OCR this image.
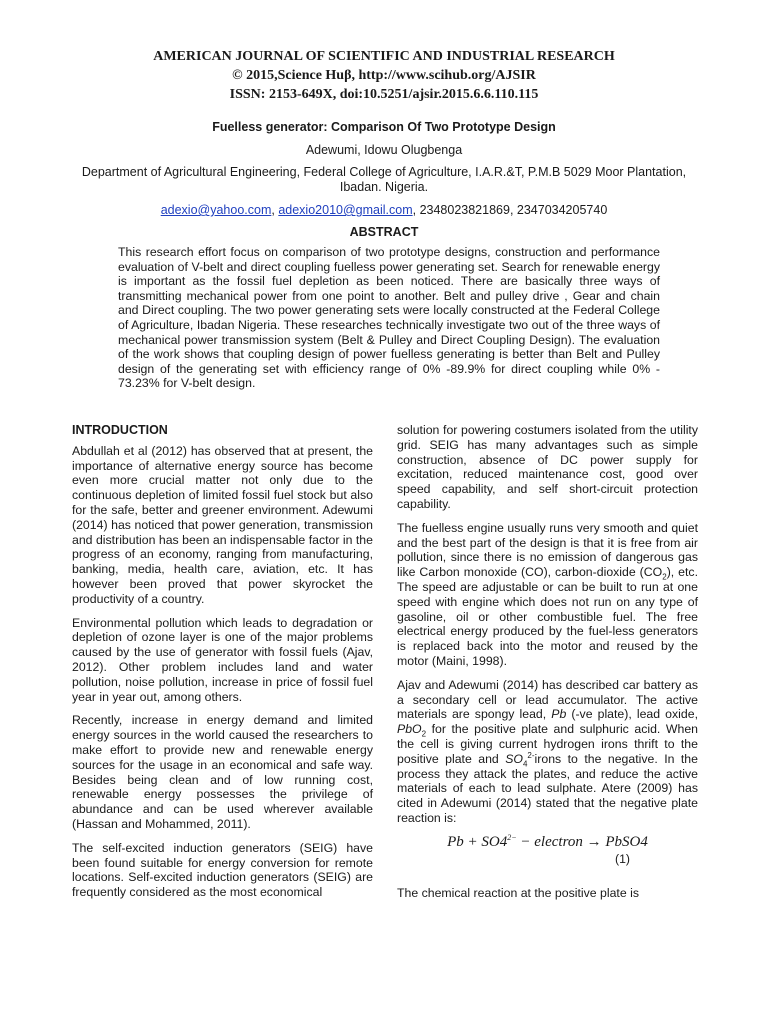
AMERICAN JOURNAL OF SCIENTIFIC AND INDUSTRIAL RESEARCH
© 2015,Science Huβ, http://www.scihub.org/AJSIR
ISSN: 2153-649X, doi:10.5251/ajsir.2015.6.6.110.115
Fuelless generator: Comparison Of Two Prototype Design
Adewumi, Idowu Olugbenga
Department of Agricultural Engineering, Federal College of Agriculture, I.A.R.&T, P.M.B 5029 Moor Plantation, Ibadan. Nigeria.
adexio@yahoo.com, adexio2010@gmail.com, 2348023821869, 2347034205740
ABSTRACT

This research effort focus on comparison of two prototype designs, construction and performance evaluation of V-belt and direct coupling fuelless power generating set. Search for renewable energy is important as the fossil fuel depletion as been noticed. There are basically three ways of transmitting mechanical power from one point to another. Belt and pulley drive , Gear and chain and Direct coupling. The two power generating sets were locally constructed at the Federal College of Agriculture, Ibadan Nigeria. These researches technically investigate two out of the three ways of mechanical power transmission system (Belt & Pulley and Direct Coupling Design). The evaluation of the work shows that coupling design of power fuelless generating is better than Belt and Pulley design of the generating set with efficiency range of 0% -89.9% for direct coupling while 0% - 73.23% for V-belt design.

INTRODUCTION

Abdullah et al (2012) has observed that at present, the importance of alternative energy source has become even more crucial matter not only due to the continuous depletion of limited fossil fuel stock but also for the safe, better and greener environment. Adewumi (2014) has noticed that power generation, transmission and distribution has been an indispensable factor in the progress of an economy, ranging from manufacturing, banking, media, health care, aviation, etc. It has however been proved that power skyrocket the productivity of a country.

Environmental pollution which leads to degradation or depletion of ozone layer is one of the major problems caused by the use of generator with fossil fuels (Ajav, 2012). Other problem includes land and water pollution, noise pollution, increase in price of fossil fuel year in year out, among others.

Recently, increase in energy demand and limited energy sources in the world caused the researchers to make effort to provide new and renewable energy sources for the usage in an economical and safe way. Besides being clean and of low running cost, renewable energy possesses the privilege of abundance and can be used wherever available (Hassan and Mohammed, 2011).

The self-excited induction generators (SEIG) have been found suitable for energy conversion for remote locations. Self-excited induction generators (SEIG) are frequently considered as the most economical

solution for powering costumers isolated from the utility grid. SEIG has many advantages such as simple construction, absence of DC power supply for excitation, reduced maintenance cost, good over speed capability, and self short-circuit protection capability.

The fuelless engine usually runs very smooth and quiet and the best part of the design is that it is free from air pollution, since there is no emission of dangerous gas like Carbon monoxide (CO), carbon-dioxide $(CO_2)$, etc. The speed are adjustable or can be built to run at one speed with engine which does not run on any type of gasoline, oil or other combustible fuel. The free electrical energy produced by the fuel-less generators is replaced back into the motor and reused by the motor (Maini, 1998).

Ajav and Adewumi (2014) has described car battery as a secondary cell or lead accumulator. The active materials are spongy lead, Pb (-ve plate), lead oxide, PbO$_2$ for the positive plate and sulphuric acid. When the cell is giving current hydrogen irons thrift to the positive plate and $SO_4^{2-}irons$ to the negative. In the process they attack the plates, and reduce the active materials of each to lead sulphate. Atere (2009) has cited in Adewumi (2014) stated that the negative plate reaction is:

$Pb + SO4^{2-}$ − electron → PbSO4
(1)

The chemical reaction at the positive plate is
